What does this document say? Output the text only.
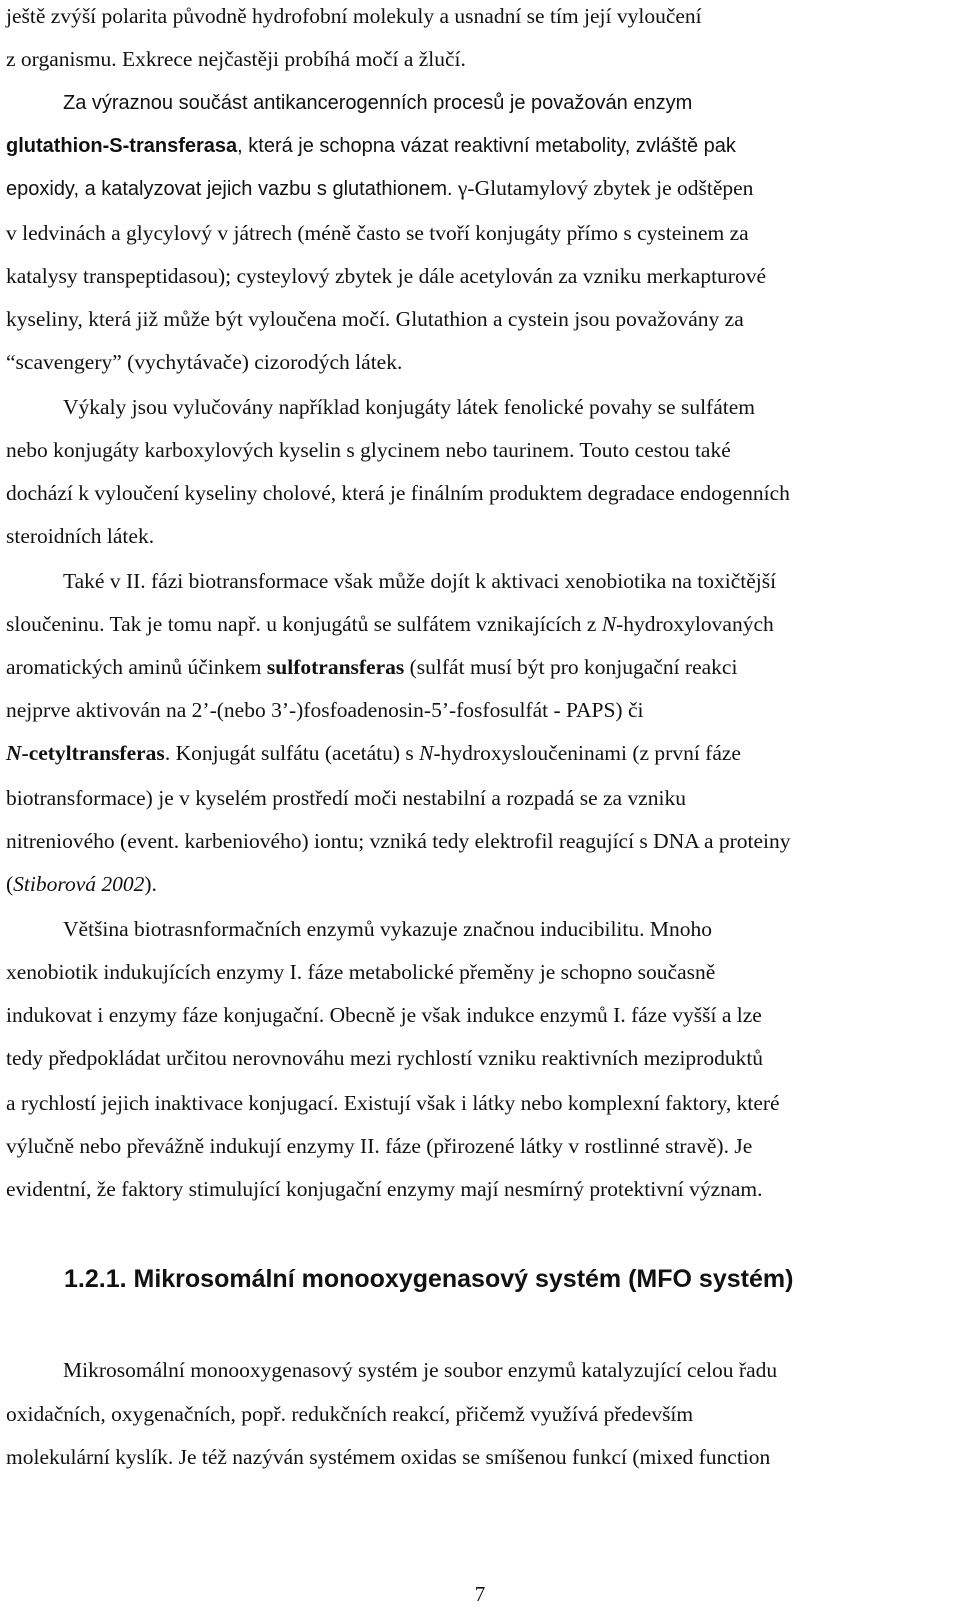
ještě zvýší polarita původně hydrofobní molekuly a usnadní se tím její vyloučení
z organismu. Exkrece nejčastěji probíhá močí a žlučí.
Za výraznou součást antikancerogenních procesů je považován enzym
glutathion-S-transferasa, která je schopna vázat reaktivní metabolity, zvláště pak
epoxidy, a katalyzovat jejich vazbu s glutathionem. γ-Glutamylový zbytek je odštěpen
v ledvinách a glycylový v játrech (méně často se tvoří konjugáty přímo s cysteinem za
katalysy transpeptidasou); cysteylový zbytek je dále acetylován za vzniku merkapturové
kyseliny, která již může být vyloučena močí. Glutathion a cystein jsou považovány za
“scavengery” (vychytávače) cizorodých látek.
Výkaly jsou vylučovány například konjugáty látek fenolické povahy se sulfátem
nebo konjugáty karboxylových kyselin s glycinem nebo taurinem. Touto cestou také
dochází k vyloučení kyseliny cholové, která je finálním produktem degradace endogenních
steroidních látek.
Také v II. fázi biotransformace však může dojít k aktivaci xenobiotika na toxičtější
sloučeninu. Tak je tomu např. u konjugátů se sulfátem vznikajících z N-hydroxylovaných
aromatických aminů účinkem sulfotransferas (sulfát musí být pro konjugační reakci
nejprve aktivován na 2’-(nebo 3’-)fosfoadenosin-5’-fosfosulfát - PAPS) či
N-cetyltransferas. Konjugát sulfátu (acetátu) s N-hydroxysloučeninami (z první fáze
biotransformace) je v kyselém prostředí moči nestabilní a rozpadá se za vzniku
nitreniového (event. karbeniového) iontu; vzniká tedy elektrofil reagující s DNA a proteiny
(Stiborová 2002).
Většina biotrasnformačních enzymů vykazuje značnou inducibilitu. Mnoho
xenobiotik indukujících enzymy I. fáze metabolické přeměny je schopno současně
indukovat i enzymy fáze konjugační. Obecně je však indukce enzymů I. fáze vyšší a lze
tedy předpokládat určitou nerovnováhu mezi rychlostí vzniku reaktivních meziproduktů
a rychlostí jejich inaktivace konjugací. Existují však i látky nebo komplexní faktory, které
výlučně nebo převážně indukují enzymy II. fáze (přirozené látky v rostlinné stravě). Je
evidentní, že faktory stimulující konjugační enzymy mají nesmírný protektivní význam.
Mikrosomální monooxygenasový systém je soubor enzymů katalyzující celou řadu
oxidačních, oxygenačních, popř. redukčních reakcí, přičemž využívá především
molekulární kyslík. Je též nazýván systémem oxidas se smíšenou funkcí (mixed function
1.2.1. Mikrosomální monooxygenasový systém (MFO systém)
7
